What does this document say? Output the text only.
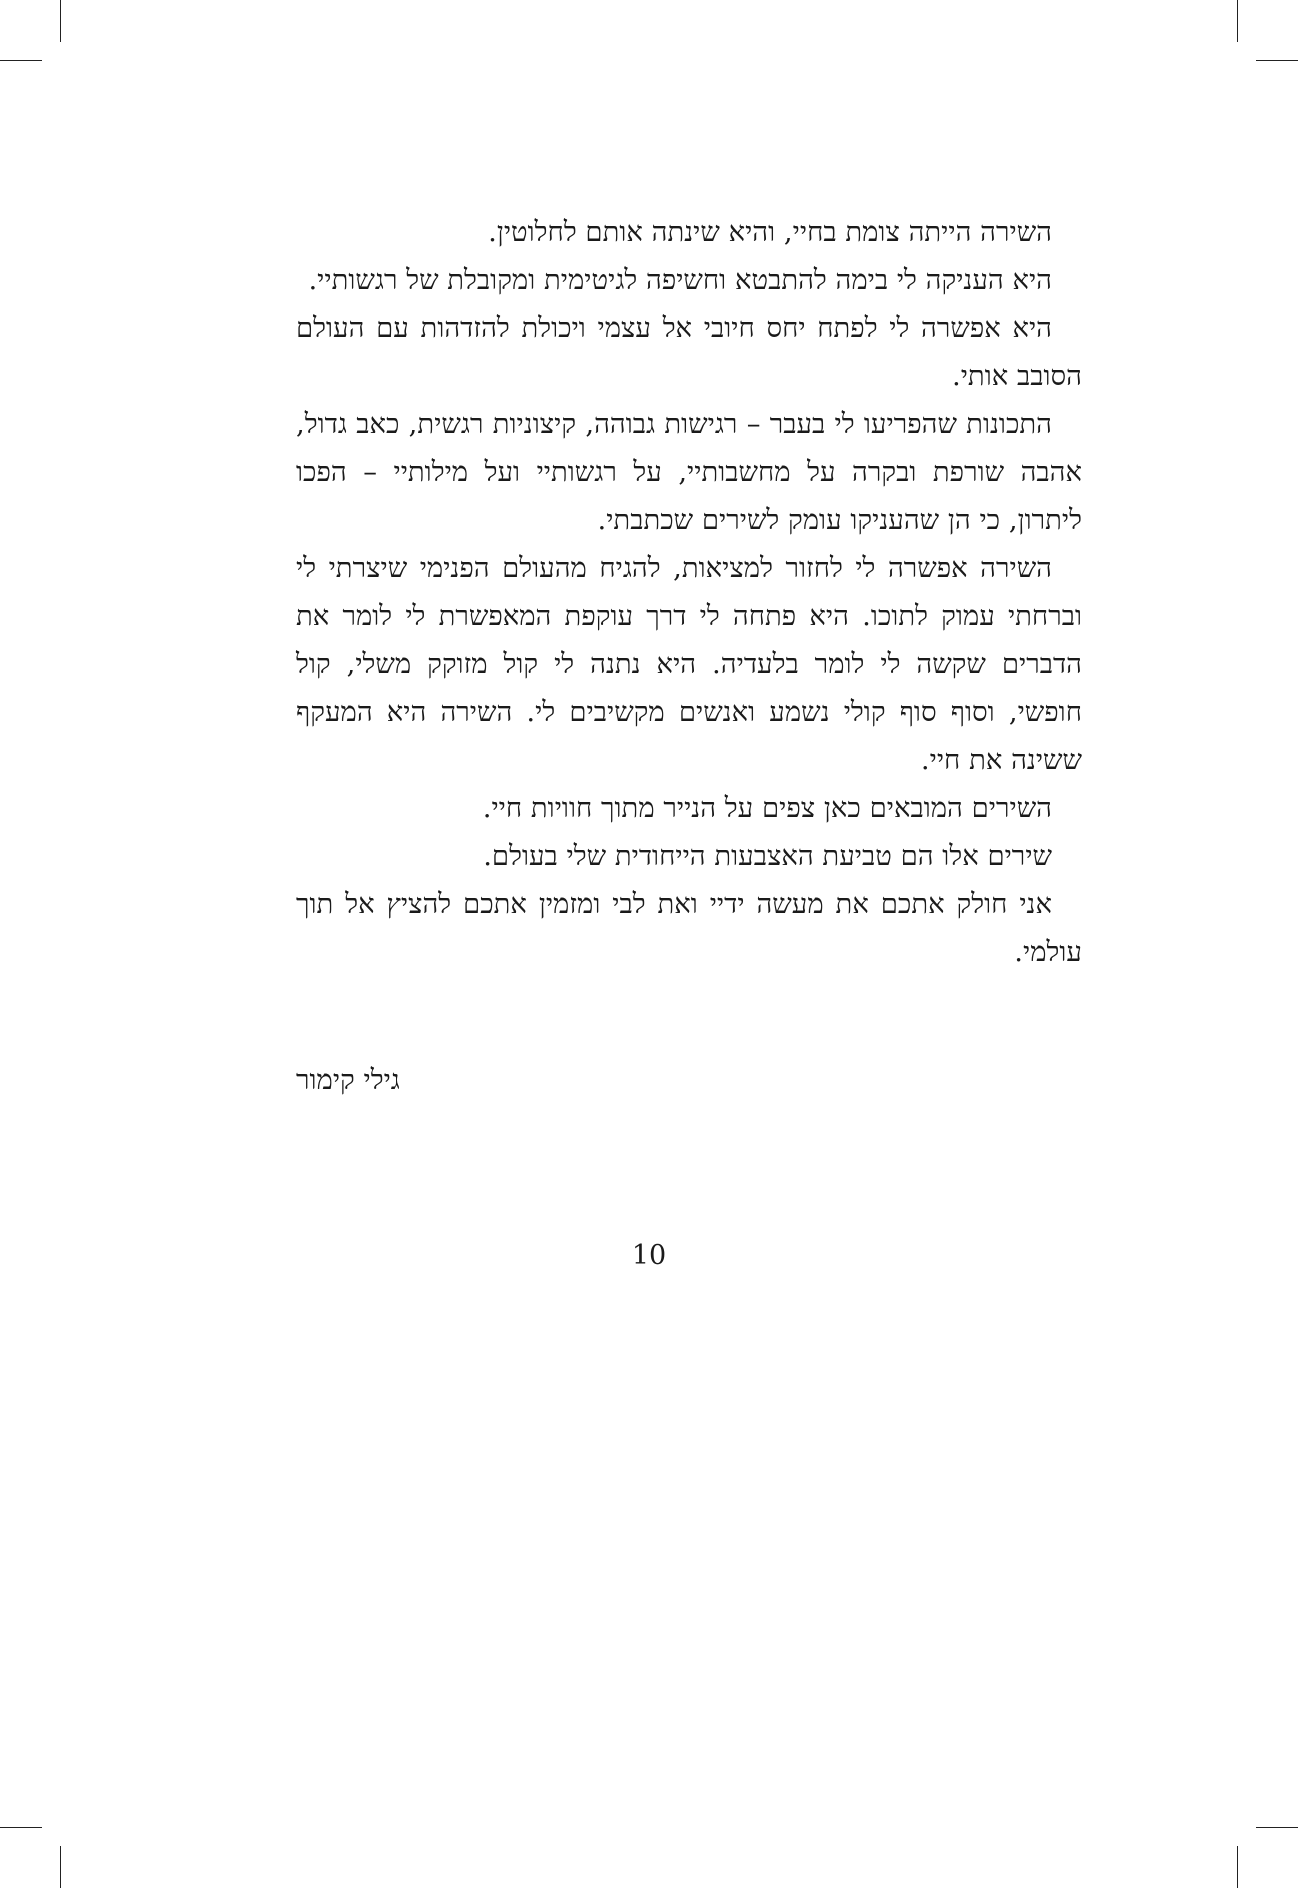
השירה הייתה צומת בחיי, והיא שינתה אותם לחלוטין.

היא העניקה לי בימה להתבטא וחשיפה לגיטימית ומקובלת של רגשותיי.

היא אפשרה לי לפתח יחס חיובי אל עצמי ויכולת להזדהות עם העולם הסובב אותי.

התכונות שהפריעו לי בעבר – רגישות גבוהה, קיצוניות רגשית, כאב גדול, אהבה שורפת ובקרה על מחשבותיי, על רגשותיי ועל מילותיי – הפכו ליתרון, כי הן שהעניקו עומק לשירים שכתבתי.

השירה אפשרה לי לחזור למציאות, להגיח מהעולם הפנימי שיצרתי לי וברחתי עמוק לתוכו. היא פתחה לי דרך עוקפת המאפשרת לי לומר את הדברים שקשה לי לומר בלעדיה. היא נתנה לי קול מזוקק משלי, קול חופשי, וסוף סוף קולי נשמע ואנשים מקשיבים לי. השירה היא המעקף ששינה את חיי.

השירים המובאים כאן צפים על הנייר מתוך חוויות חיי.

שירים אלו הם טביעת האצבעות הייחודית שלי בעולם.

אני חולק אתכם את מעשה ידיי ואת לבי ומזמין אתכם להציץ אל תוך עולמי.

גילי קימור
10
